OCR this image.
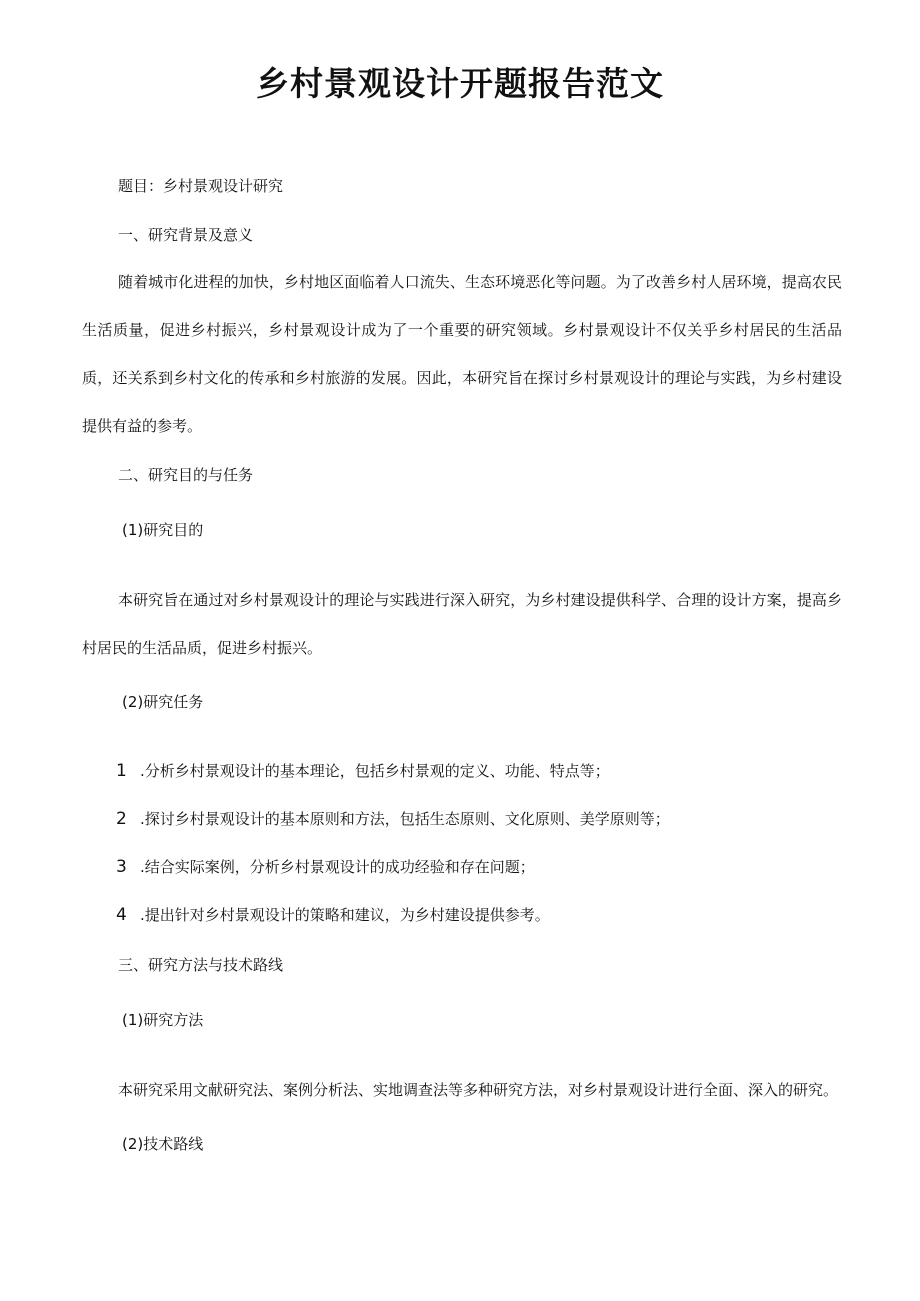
乡村景观设计开题报告范文
题目：乡村景观设计研究
一、研究背景及意义
随着城市化进程的加快，乡村地区面临着人口流失、生态环境恶化等问题。为了改善乡村人居环境，提高农民生活质量，促进乡村振兴，乡村景观设计成为了一个重要的研究领域。乡村景观设计不仅关乎乡村居民的生活品质，还关系到乡村文化的传承和乡村旅游的发展。因此，本研究旨在探讨乡村景观设计的理论与实践，为乡村建设提供有益的参考。
二、研究目的与任务
(1)研究目的
本研究旨在通过对乡村景观设计的理论与实践进行深入研究，为乡村建设提供科学、合理的设计方案，提高乡村居民的生活品质，促进乡村振兴。
(2)研究任务
1 .分析乡村景观设计的基本理论，包括乡村景观的定义、功能、特点等；
2 .探讨乡村景观设计的基本原则和方法，包括生态原则、文化原则、美学原则等；
3 .结合实际案例，分析乡村景观设计的成功经验和存在问题；
4 .提出针对乡村景观设计的策略和建议，为乡村建设提供参考。
三、研究方法与技术路线
(1)研究方法
本研究采用文献研究法、案例分析法、实地调查法等多种研究方法，对乡村景观设计进行全面、深入的研究。
(2)技术路线
